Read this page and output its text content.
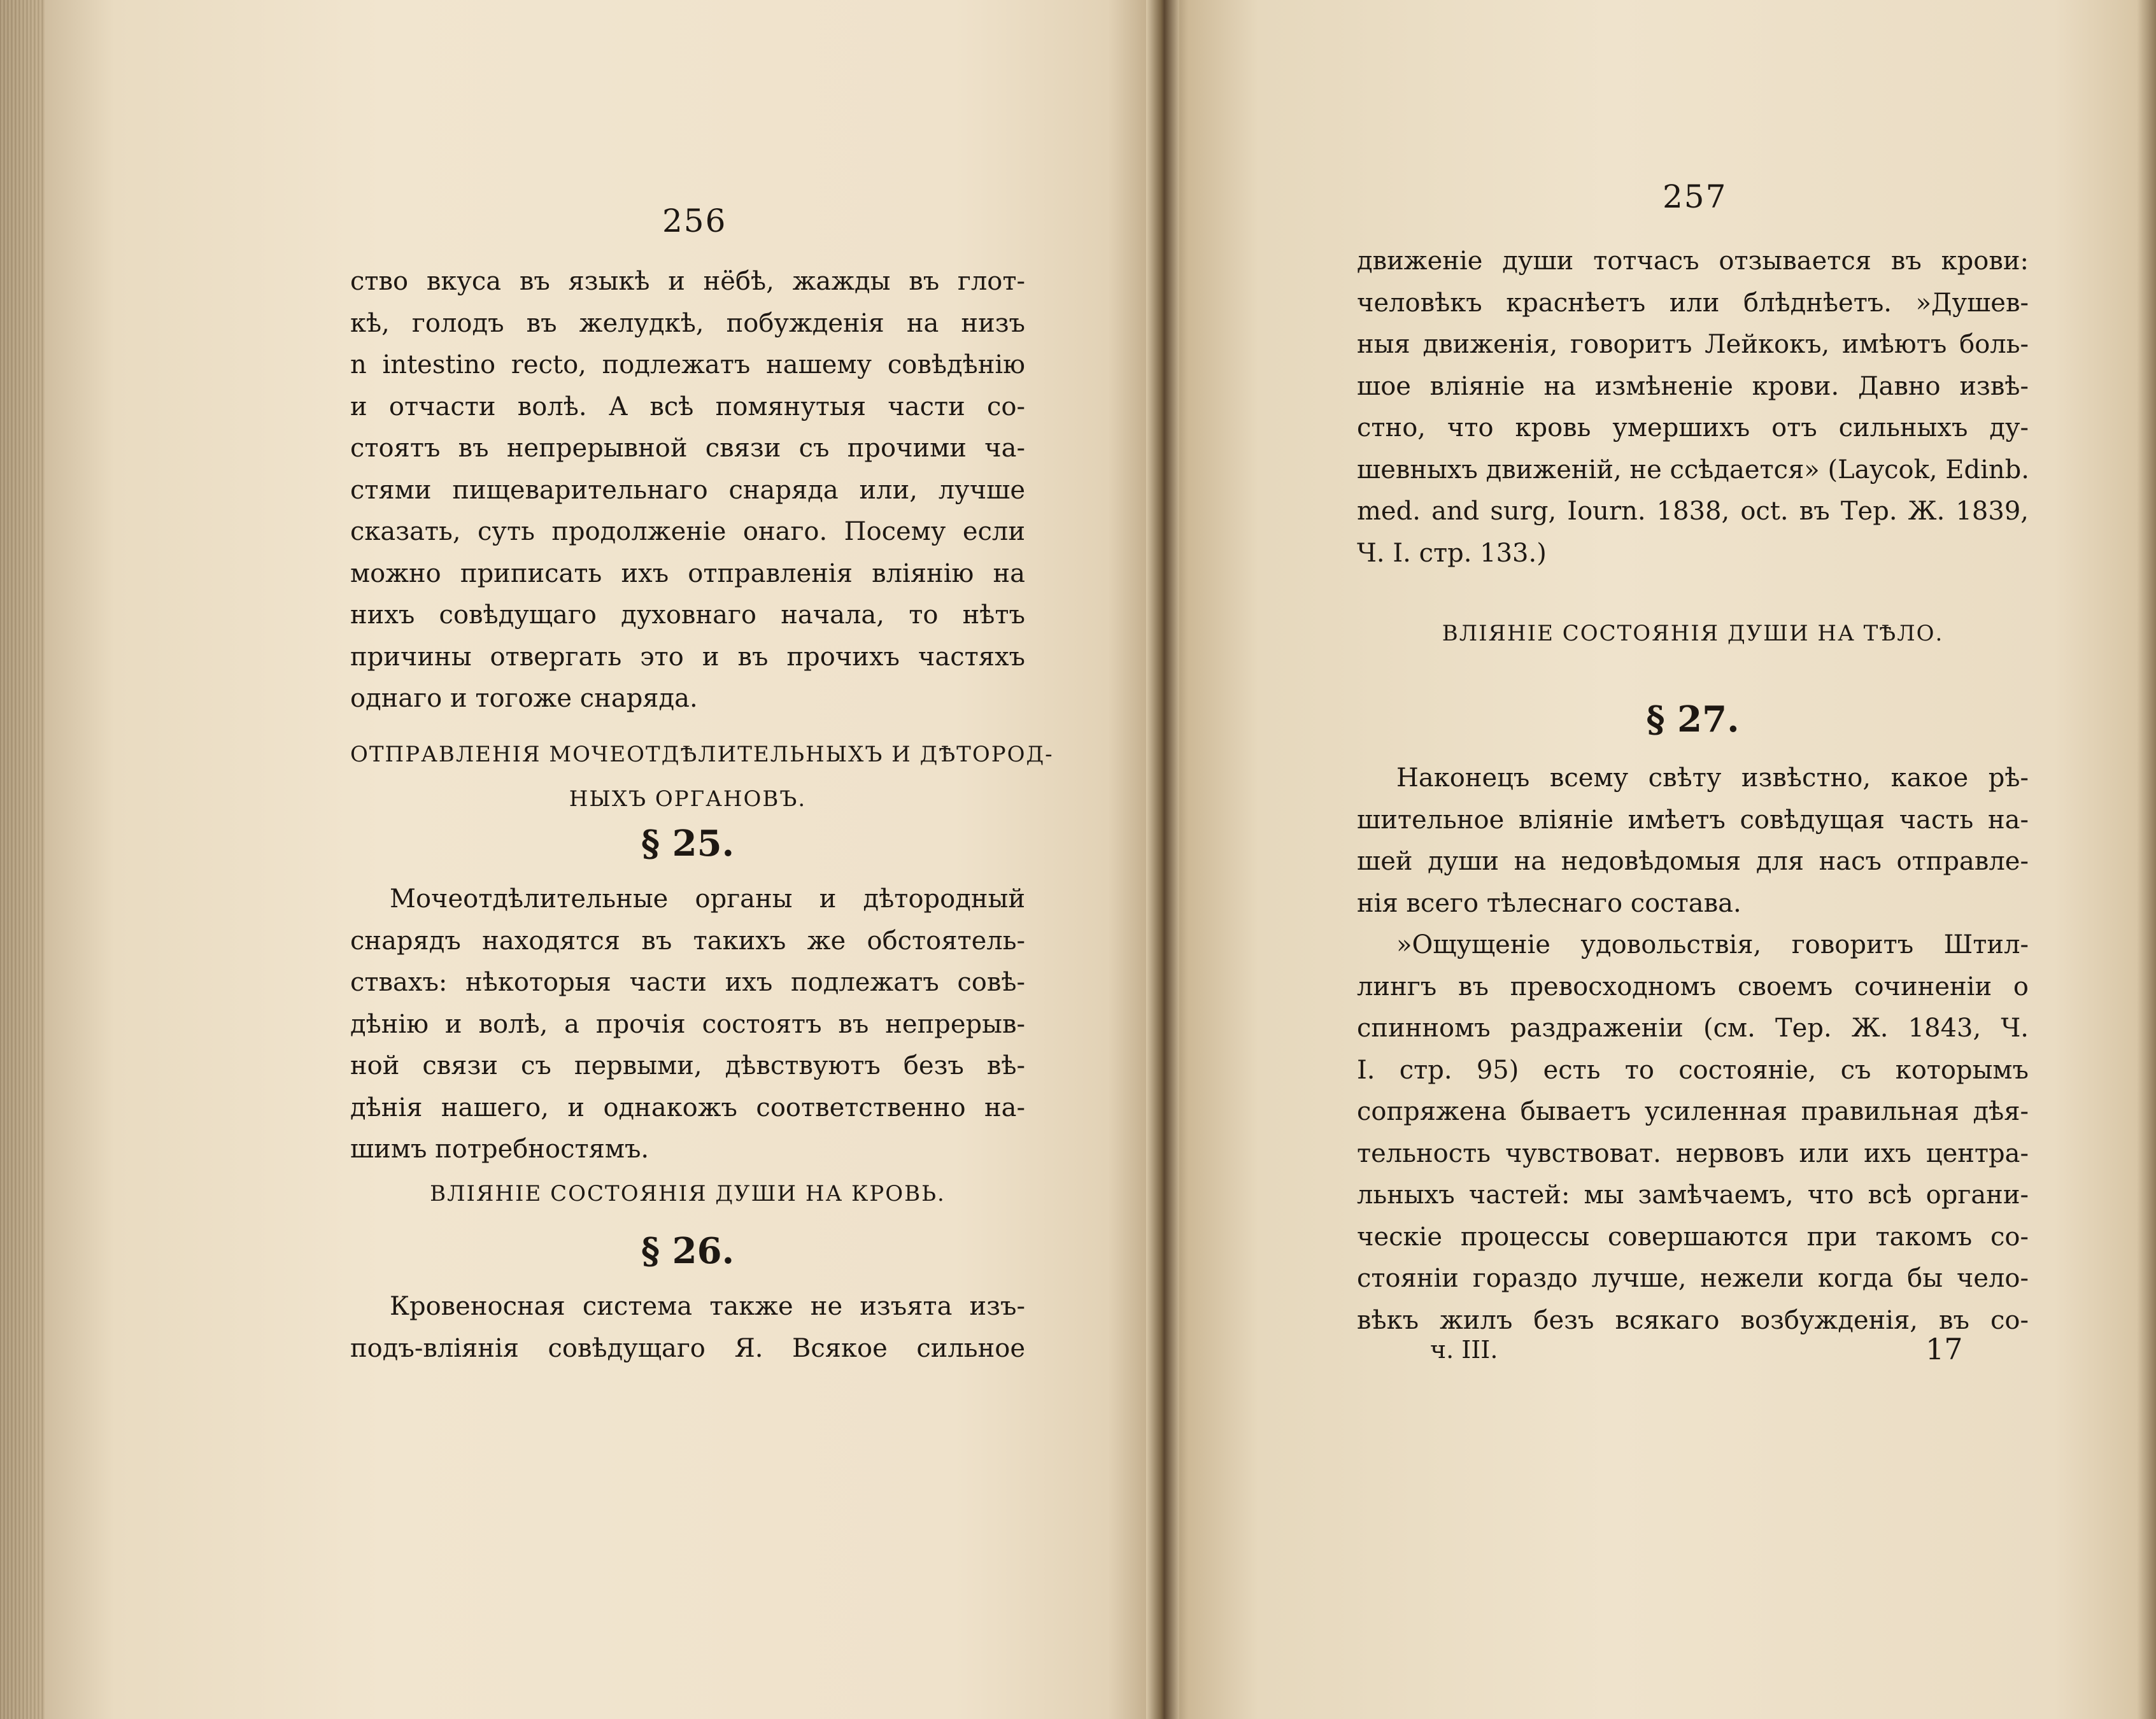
256
ство вкуса въ языкѣ и нёбѣ, жажды въ глот-
кѣ, голодъ въ желудкѣ, побужденія на низъ
n intestino recto, подлежатъ нашему совѣдѣнію
и отчасти волѣ. А всѣ помянутыя части со-
стоятъ въ непрерывной связи съ прочими ча-
стями пищеварительнаго снаряда или, лучше
сказать, суть продолженіе онаго. Посему если
можно приписать ихъ отправленія вліянію на
нихъ совѣдущаго духовнаго начала, то нѣтъ
причины отвергать это и въ прочихъ частяхъ
однаго и тогоже снаряда.
ОТПРАВЛЕНІЯ МОЧЕОТДѢЛИТЕЛЬНЫХЪ И ДѢТОРОД-
НЫХЪ ОРГАНОВЪ.
§ 25.
Мочеотдѣлительные органы и дѣтородный
снарядъ находятся въ такихъ же обстоятель-
ствахъ: нѣкоторыя части ихъ подлежатъ совѣ-
дѣнію и волѣ, а прочія состоятъ въ непрерыв-
ной связи съ первыми, дѣвствуютъ безъ вѣ-
дѣнія нашего, и однакожъ соответственно на-
шимъ потребностямъ.
ВЛІЯНІЕ СОСТОЯНІЯ ДУШИ НА КРОВЬ.
§ 26.
Кровеносная система также не изъята изъ-
подъ-вліянія совѣдущаго Я. Всякое сильное
257
движеніе души тотчасъ отзывается въ крови:
человѣкъ краснѣетъ или блѣднѣетъ. »Душев-
ныя движенія, говоритъ Лейкокъ, имѣютъ боль-
шое вліяніе на измѣненіе крови. Давно извѣ-
стно, что кровь умершихъ отъ сильныхъ ду-
шевныхъ движеній, не ссѣдается» (Laycok, Edinb.
med. and surg, Iourn. 1838, oct. въ Тер. Ж. 1839,
Ч. I. стр. 133.)
ВЛІЯНІЕ СОСТОЯНІЯ ДУШИ НА ТѢЛО.
§ 27.
Наконецъ всему свѣту извѣстно, какое рѣ-
шительное вліяніе имѣетъ совѣдущая часть на-
шей души на недовѣдомыя для насъ отправле-
нія всего тѣлеснаго состава.
»Ощущеніе удовольствія, говоритъ Штил-
лингъ въ превосходномъ своемъ сочиненіи о
спинномъ раздраженіи (см. Тер. Ж. 1843, Ч.
I. стр. 95) есть то состояніе, съ которымъ
сопряжена бываетъ усиленная правильная дѣя-
тельность чувствоват. нервовъ или ихъ центра-
льныхъ частей: мы замѣчаемъ, что всѣ органи-
ческіе процессы совершаются при такомъ со-
стояніи гораздо лучше, нежели когда бы чело-
вѣкъ жилъ безъ всякаго возбужденія, въ со-
ч. III.	17
